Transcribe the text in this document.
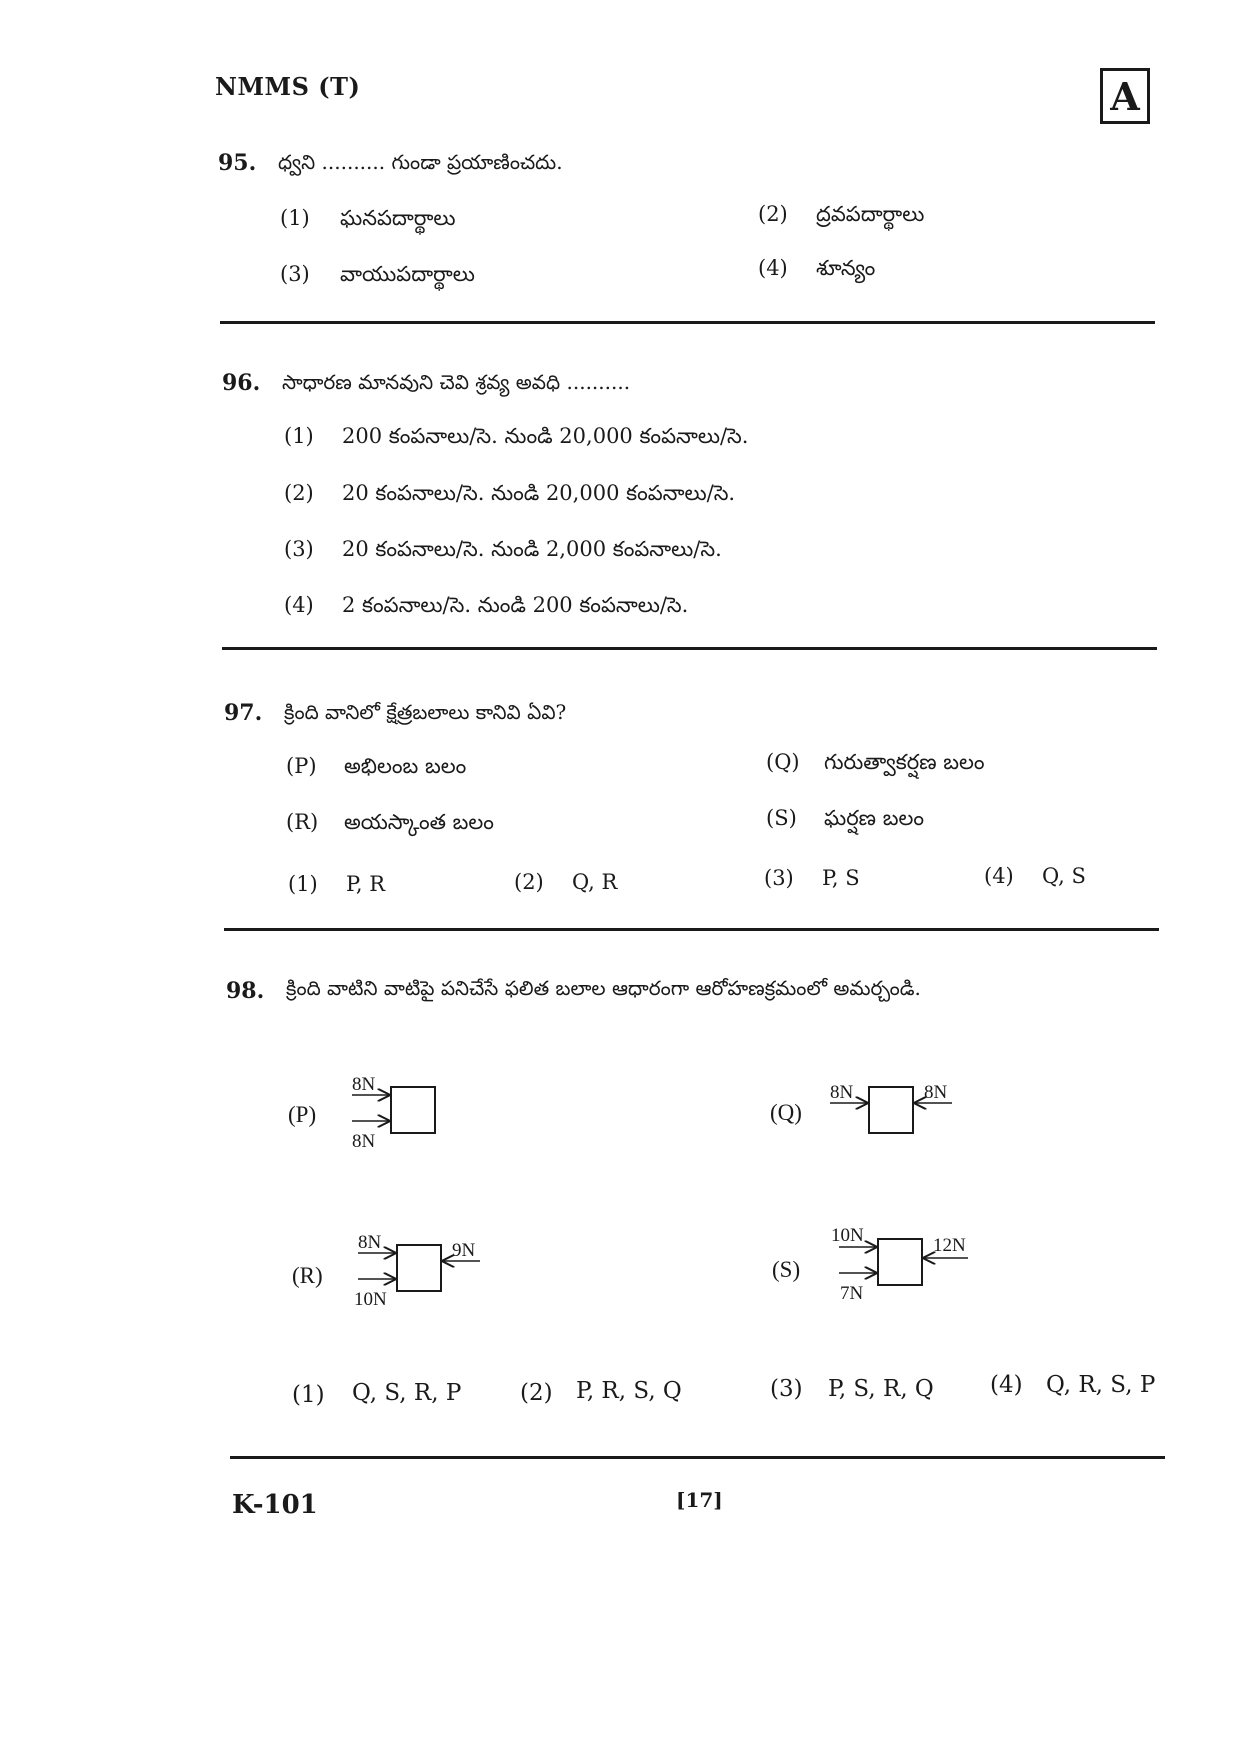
NMMS (T)	A
95. ధ్వని .......... గుండా ప్రయాణించదు.
(1) ఘనపదార్థాలు	(2) ద్రవపదార్థాలు
(3) వాయుపదార్థాలు	(4) శూన్యం
96. సాధారణ మానవుని చెవి శ్రవ్య అవధి ..........
(1) 200 కంపనాలు/సె. నుండి 20,000 కంపనాలు/సె.
(2) 20 కంపనాలు/సె. నుండి 20,000 కంపనాలు/సె.
(3) 20 కంపనాలు/సె. నుండి 2,000 కంపనాలు/సె.
(4) 2 కంపనాలు/సె. నుండి 200 కంపనాలు/సె.
97. క్రింది వానిలో క్షేత్రబలాలు కానివి ఏవి?
(P) అభిలంబ బలం	(Q) గురుత్వాకర్షణ బలం
(R) అయస్కాంత బలం	(S) ఘర్షణ బలం
(1) P, R	(2) Q, R	(3) P, S	(4) Q, S
98. క్రింది వాటిని వాటిపై పనిచేసే ఫలిత బలాల ఆధారంగా ఆరోహణక్రమంలో అమర్చండి.
(P)
8N
8N
(Q)
8N	8N
(R)
8N
10N
9N
(S)
10N
7N
12N
(1) Q, S, R, P	(2) P, R, S, Q	(3) P, S, R, Q (4) Q, R, S, P
K-101	[17]
